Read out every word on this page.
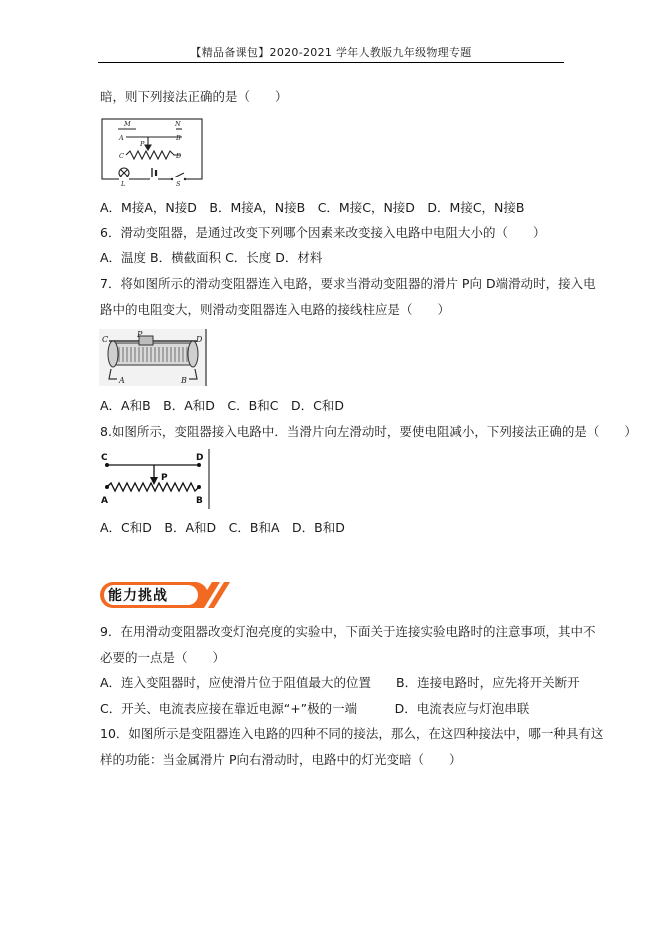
【精品备课包】2020-2021 学年人教版九年级物理专题
暗，则下列接法正确的是（　　）
M	N
A	B
C	D
P
L	S
A．M接A，N接D　B．M接A，N接B　C．M接C，N接D　D．M接C，N接B
6．滑动变阻器，是通过改变下列哪个因素来改变接入电路中电阻大小的（　　）
A．温度 B．横截面积 C．长度 D．材料
7．将如图所示的滑动变阻器连入电路，要求当滑动变阻器的滑片 P向 D端滑动时，接入电
路中的电阻变大，则滑动变阻器连入电路的接线柱应是（　　）
C
P
D
A	B
A．A和B　B．A和D　C．B和C　D．C和D
8.如图所示，变阻器接入电路中．当滑片向左滑动时，要使电阻减小，下列接法正确的是（　　）
C	D
P
A	B
A．C和D　B．A和D　C．B和A　D．B和D
能力挑战
9．在用滑动变阻器改变灯泡亮度的实验中，下面关于连接实验电路时的注意事项，其中不
必要的一点是（　　）
A．连入变阻器时，应使滑片位于阻值最大的位置　　B．连接电路时，应先将开关断开
C．开关、电流表应接在靠近电源“+”极的一端　　　D．电流表应与灯泡串联
10．如图所示是变阻器连入电路的四种不同的接法，那么，在这四种接法中，哪一种具有这
样的功能：当金属滑片 P向右滑动时，电路中的灯光变暗（　　）
